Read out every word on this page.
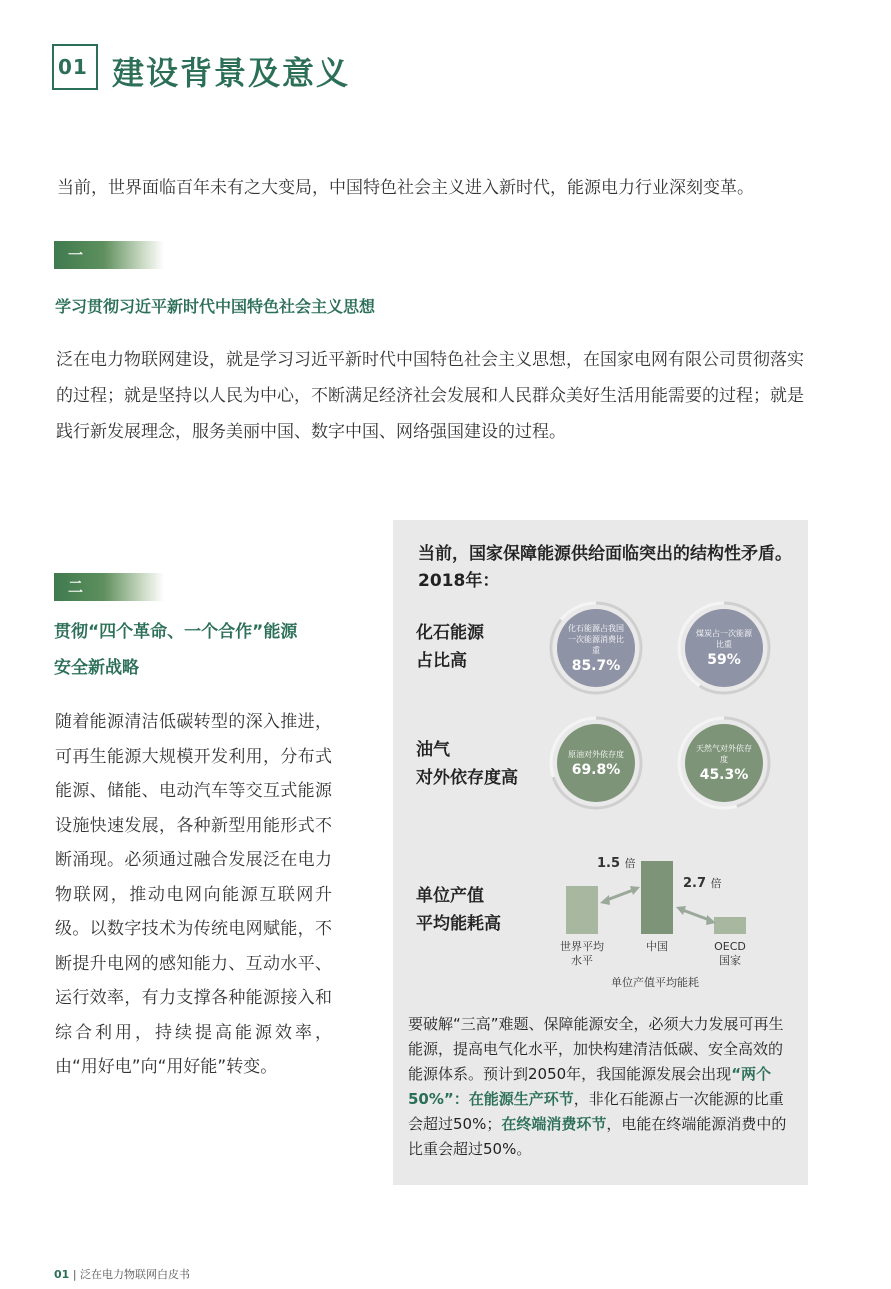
01 建设背景及意义
当前，世界面临百年未有之大变局，中国特色社会主义进入新时代，能源电力行业深刻变革。
一
学习贯彻习近平新时代中国特色社会主义思想
泛在电力物联网建设，就是学习习近平新时代中国特色社会主义思想，在国家电网有限公司贯彻落实的过程；就是坚持以人民为中心，不断满足经济社会发展和人民群众美好生活用能需要的过程；就是践行新发展理念，服务美丽中国、数字中国、网络强国建设的过程。
二
贯彻“四个革命、一个合作”能源
安全新战略
随着能源清洁低碳转型的深入推进，可再生能源大规模开发利用，分布式能源、储能、电动汽车等交互式能源设施快速发展，各种新型用能形式不断涌现。必须通过融合发展泛在电力物联网，推动电网向能源互联网升级。以数字技术为传统电网赋能，不断提升电网的感知能力、互动水平、运行效率，有力支撑各种能源接入和综合利用，持续提高能源效率，由“用好电”向“用好能”转变。
当前，国家保障能源供给面临突出的结构性矛盾。
2018年：
化石能源
占比高
油气
对外依存度高
化石能源占我国一次能源消费比重
85.7%
煤炭占一次能源比重
59%
原油对外依存度
69.8%
天然气对外依存度
45.3%
单位产值
平均能耗高
1.5 倍
2.7 倍
世界平均
水平
中国	OECD
国家
单位产值平均能耗
要破解“三高”难题、保障能源安全，必须大力发展可再生能源，提高电气化水平，加快构建清洁低碳、安全高效的能源体系。预计到2050年，我国能源发展会出现“两个50%”：在能源生产环节，非化石能源占一次能源的比重会超过50%；在终端消费环节，电能在终端能源消费中的比重会超过50%。
01 | 泛在电力物联网白皮书
